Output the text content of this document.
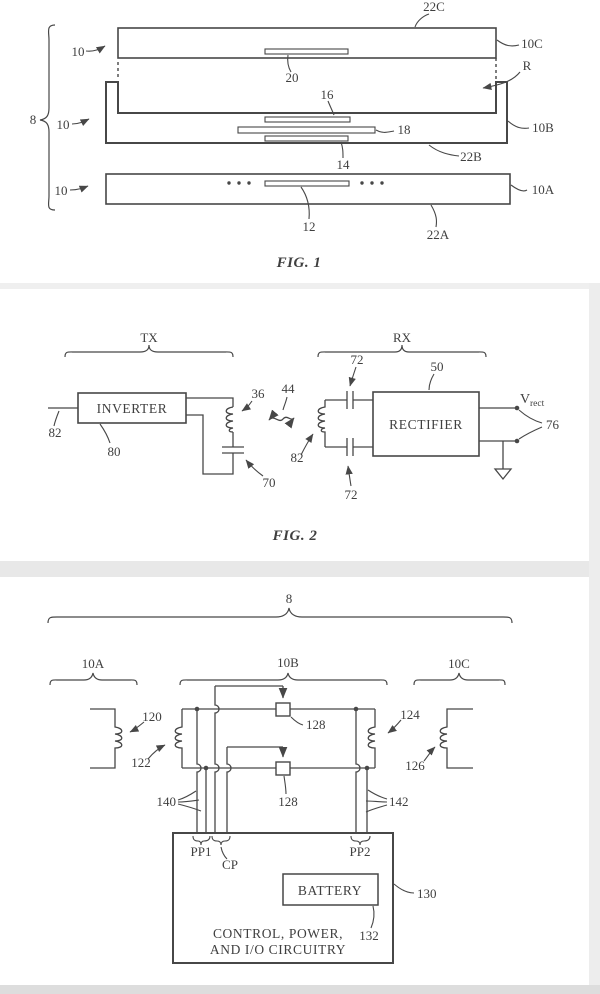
8
10
10
10
22C
10C
R
20
16
18
14
10B
22B
12
10A
22A
FIG. 1
TX	RX
INVERTER
RECTIFIER
82
80
36 44
70
72
72
82
50
V rect
76
FIG. 2
8
10A	10B	10C
120
122
124
126
128
128
140	142
PP1
CP
PP2
BATTERY	130
132
CONTROL, POWER,
AND I/O CIRCUITRY
